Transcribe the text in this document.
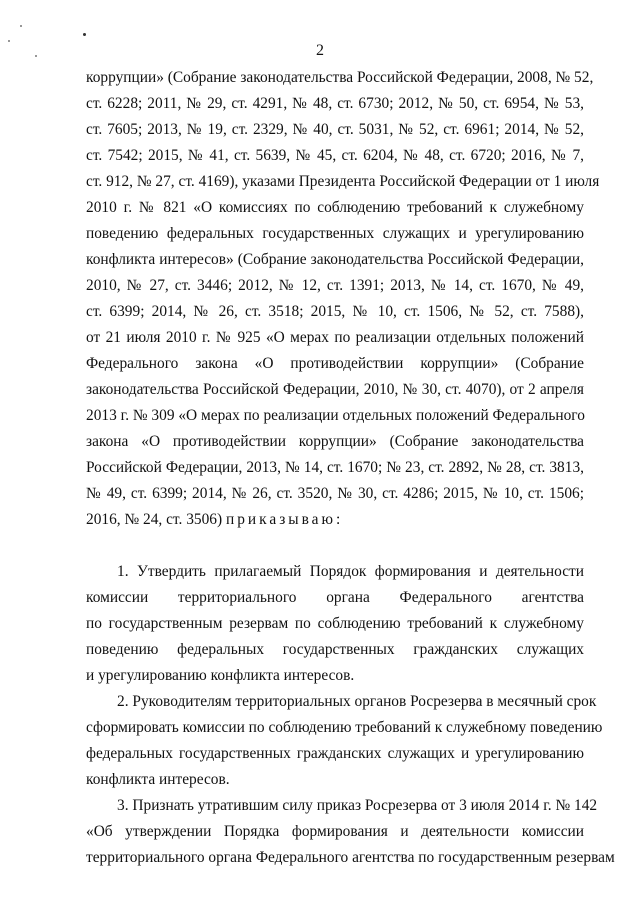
2
коррупции» (Собрание законодательства Российской Федерации, 2008, № 52,
ст. 6228; 2011, № 29, ст. 4291, № 48, ст. 6730; 2012, № 50, ст. 6954, № 53,
ст. 7605; 2013, № 19, ст. 2329, № 40, ст. 5031, № 52, ст. 6961; 2014, № 52,
ст. 7542; 2015, № 41, ст. 5639, № 45, ст. 6204, № 48, ст. 6720; 2016, № 7,
ст. 912, № 27, ст. 4169), указами Президента Российской Федерации от 1 июля
2010 г. № 821 «О комиссиях по соблюдению требований к служебному
поведению федеральных государственных служащих и урегулированию
конфликта интересов» (Собрание законодательства Российской Федерации,
2010, № 27, ст. 3446; 2012, № 12, ст. 1391; 2013, № 14, ст. 1670, № 49,
ст. 6399; 2014, № 26, ст. 3518; 2015, № 10, ст. 1506, № 52, ст. 7588),
от 21 июля 2010 г. № 925 «О мерах по реализации отдельных положений
Федерального закона «О противодействии коррупции» (Собрание
законодательства Российской Федерации, 2010, № 30, ст. 4070), от 2 апреля
2013 г. № 309 «О мерах по реализации отдельных положений Федерального
закона «О противодействии коррупции» (Собрание законодательства
Российской Федерации, 2013, № 14, ст. 1670; № 23, ст. 2892, № 28, ст. 3813,
№ 49, ст. 6399; 2014, № 26, ст. 3520, № 30, ст. 4286; 2015, № 10, ст. 1506;
2016, № 24, ст. 3506) приказываю:
1. Утвердить прилагаемый Порядок формирования и деятельности
комиссии территориального органа Федерального агентства
по государственным резервам по соблюдению требований к служебному
поведению федеральных государственных гражданских служащих
и урегулированию конфликта интересов.
2. Руководителям территориальных органов Росрезерва в месячный срок
сформировать комиссии по соблюдению требований к служебному поведению
федеральных государственных гражданских служащих и урегулированию
конфликта интересов.
3. Признать утратившим силу приказ Росрезерва от 3 июля 2014 г. № 142
«Об утверждении Порядка формирования и деятельности комиссии
территориального органа Федерального агентства по государственным резервам
